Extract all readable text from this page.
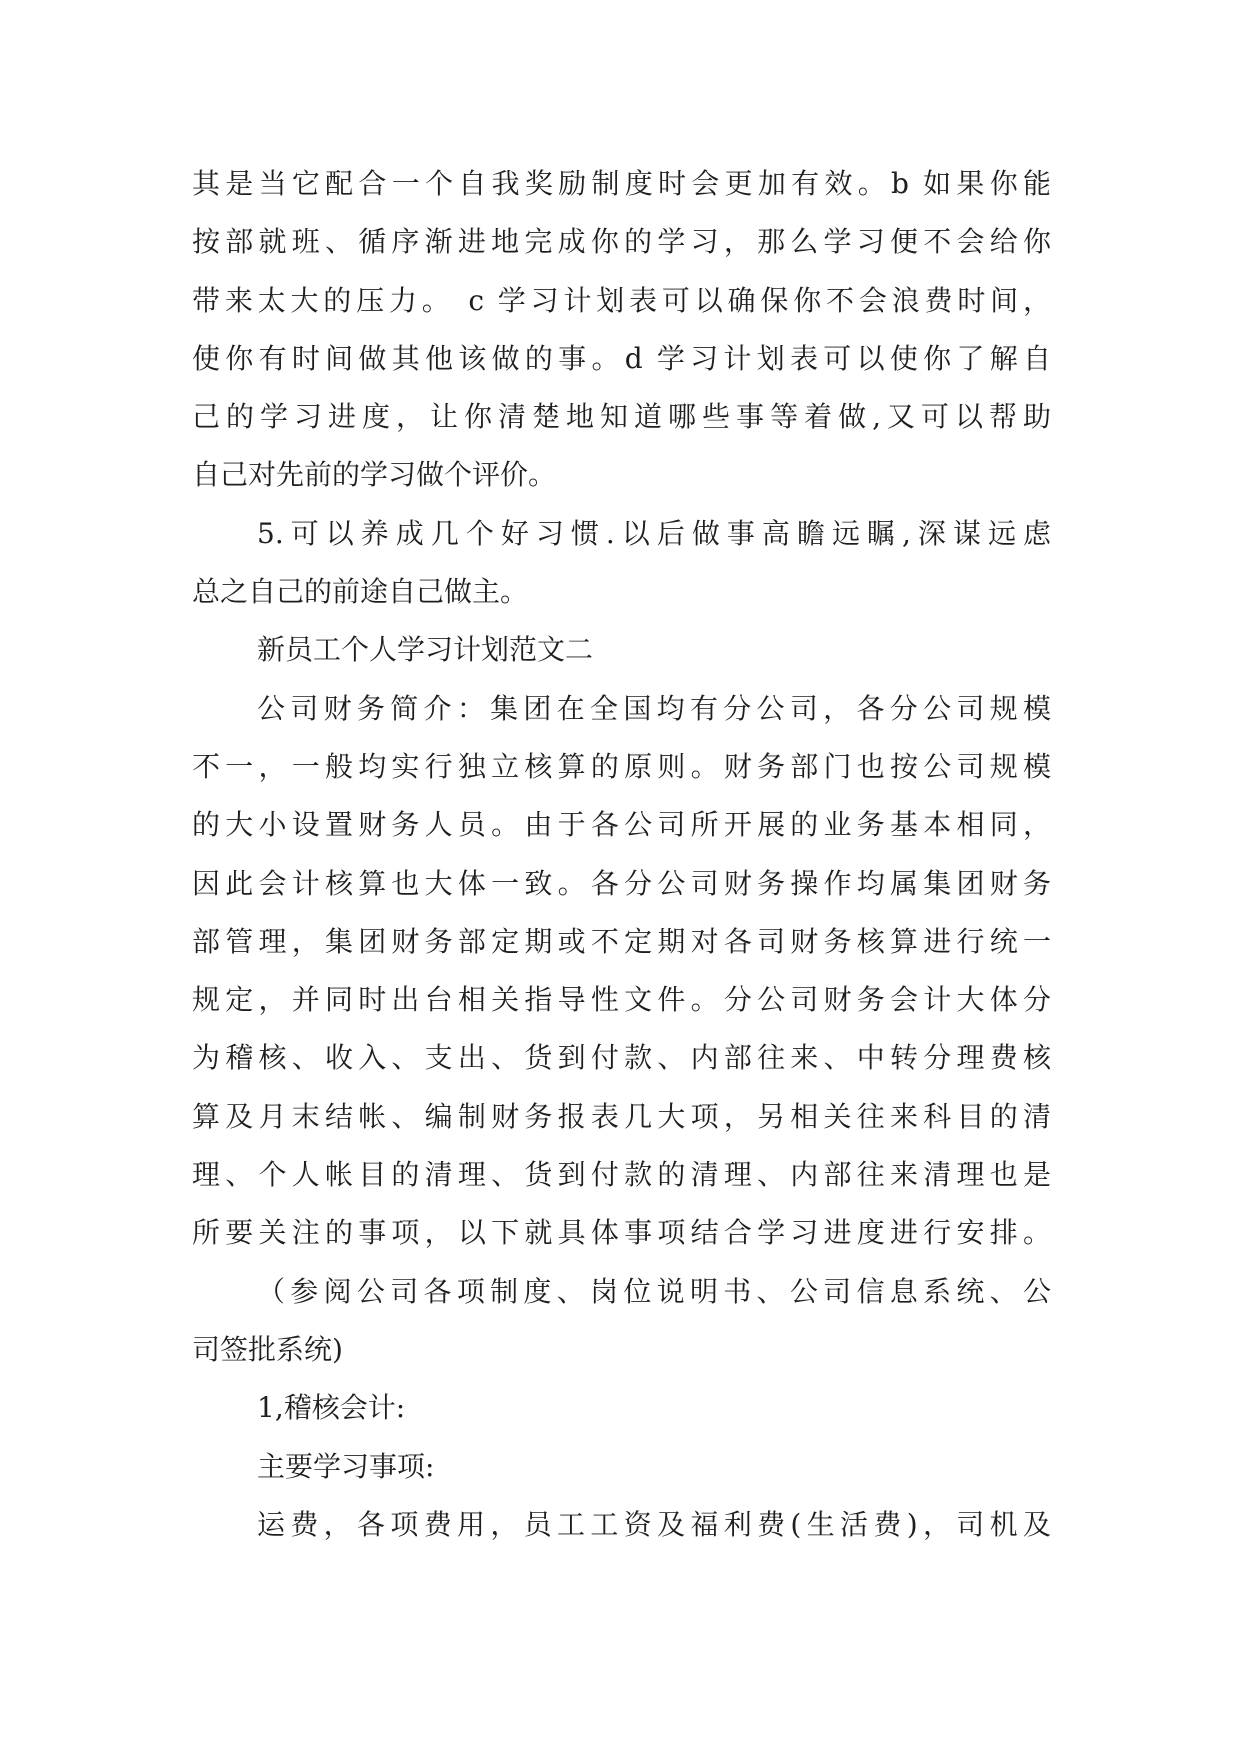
其是当它配合一个自我奖励制度时会更加有效。b 如果你能
按部就班、循序渐进地完成你的学习，那么学习便不会给你
带来太大的压力。 c 学习计划表可以确保你不会浪费时间，
使你有时间做其他该做的事。d 学习计划表可以使你了解自
己的学习进度，让你清楚地知道哪些事等着做,又可以帮助
自己对先前的学习做个评价。
5.可以养成几个好习惯.以后做事高瞻远瞩,深谋远虑
总之自己的前途自己做主。
新员工个人学习计划范文二
公司财务简介：集团在全国均有分公司，各分公司规模
不一，一般均实行独立核算的原则。财务部门也按公司规模
的大小设置财务人员。由于各公司所开展的业务基本相同，
因此会计核算也大体一致。各分公司财务操作均属集团财务
部管理，集团财务部定期或不定期对各司财务核算进行统一
规定，并同时出台相关指导性文件。分公司财务会计大体分
为稽核、收入、支出、货到付款、内部往来、中转分理费核
算及月末结帐、编制财务报表几大项，另相关往来科目的清
理、个人帐目的清理、货到付款的清理、内部往来清理也是
所要关注的事项，以下就具体事项结合学习进度进行安排。
（参阅公司各项制度、岗位说明书、公司信息系统、公
司签批系统)
1,稽核会计:
主要学习事项:
运费，各项费用，员工工资及福利费(生活费)，司机及
